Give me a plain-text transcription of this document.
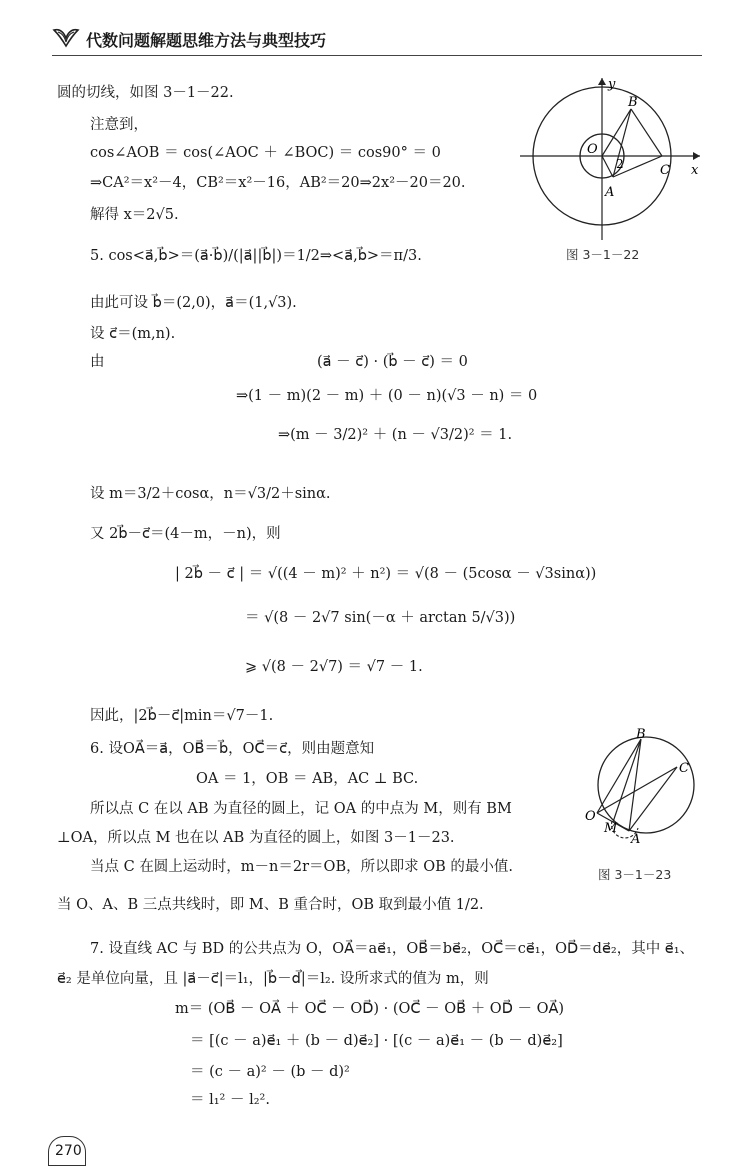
代数问题解题思维方法与典型技巧
圆的切线，如图 3－1－22.
注意到，
cos∠AOB ＝ cos(∠AOC ＋ ∠BOC) ＝ cos90° ＝ 0
⇒CA²＝x²－4，CB²＝x²－16，AB²＝20⇒2x²－20＝20.
解得 x＝2√5.
5. cos<a⃗,b⃗>＝(a⃗·b⃗)/(|a⃗||b⃗|)＝1/2⇒<a⃗,b⃗>＝π/3.
由此可设 b⃗＝(2,0)，a⃗＝(1,√3).
设 c⃗＝(m,n).
由	(a⃗ － c⃗) · (b⃗ － c⃗) ＝ 0
⇒(1 － m)(2 － m) ＋ (0 － n)(√3 － n) ＝ 0
⇒(m － 3/2)² ＋ (n － √3/2)² ＝ 1.
设 m＝3/2＋cosα，n＝√3/2＋sinα.
又 2b⃗－c⃗＝(4－m，－n)，则
| 2b⃗ － c⃗ | ＝ √((4 － m)² ＋ n²) ＝ √(8 － (5cosα － √3sinα))
＝ √(8 － 2√7 sin(－α ＋ arctan 5/√3))
⩾ √(8 － 2√7) ＝ √7 － 1.
因此，|2b⃗－c⃗|min＝√7－1.
6. 设OA⃗＝a⃗，OB⃗＝b⃗，OC⃗＝c⃗，则由题意知
OA ＝ 1，OB ＝ AB，AC ⊥ BC.
所以点 C 在以 AB 为直径的圆上，记 OA 的中点为 M，则有 BM
⊥OA，所以点 M 也在以 AB 为直径的圆上，如图 3－1－23.
当点 C 在圆上运动时，m－n＝2r＝OB，所以即求 OB 的最小值.
当 O、A、B 三点共线时，即 M、B 重合时，OB 取到最小值 1/2.
7. 设直线 AC 与 BD 的公共点为 O，OA⃗＝ae⃗₁，OB⃗＝be⃗₂，OC⃗＝ce⃗₁，OD⃗＝de⃗₂，其中 e⃗₁、
e⃗₂ 是单位向量，且 |a⃗－c⃗|＝l₁，|b⃗－d⃗|＝l₂. 设所求式的值为 m，则
m＝ (OB⃗ － OA⃗ ＋ OC⃗ － OD⃗) · (OC⃗ － OB⃗ ＋ OD⃗ － OA⃗)
＝ [(c － a)e⃗₁ ＋ (b － d)e⃗₂] · [(c － a)e⃗₁ － (b － d)e⃗₂]
＝ (c － a)² － (b － d)²
＝ l₁² － l₂².
y
x
O
B
C
A
2
图 3－1－22
B
C
O
M
A
图 3－1－23
270
